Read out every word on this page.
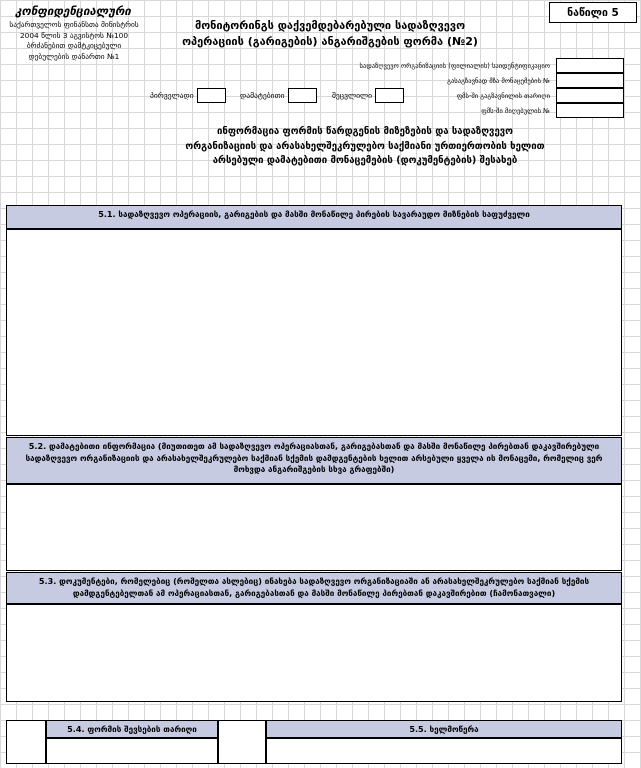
კონფიდენციალური
საქართველოს ფინანსთა მინისტრის 2004 წლის 3 აგვისტოს №100 ბრძანებით დამტკიცებული დებულების დანართი №1
ნაწილი 5
მონიტორინგს დაქვემდებარებული სადაზღვევო
ოპერაციის (გარიგების) ანგარიშგების ფორმა (№2)
სადაზღვევო ორგანიზაციის (ფილიალის) საიდენტიფიკაციო
გასაგზავნად მზა მონაცემების №
ფმს-ში გაგზავნილის თარიღი
ფმს-ში მიღებულის №
პირველადი	დამატებითი	შეცვლილი
ინფორმაცია ფორმის წარდგენის მიზეზების და სადაზღვევო
ორგანიზაციის და არასახელშეკრულებო საქმიანი ურთიერთობის ხელით
არსებული დამატებითი მონაცემების (დოკუმენტების) შესახებ
5.1. სადაზღვევო ოპერაციის, გარიგების და მასში მონაწილე პირების სავარაუდო მიზნების საფუძველი
5.2. დამატებითი ინფორმაცია (მიუთითეთ ამ სადაზღვევო ოპერაციასთან, გარიგებასთან და მასში მონაწილე პირებთან დაკავშირებული სადაზღვევო ორგანიზაციის და არასახელშეკრულებო საქმიან სქემის დამდგენტების ხელით არსებული ყველა ის მონაცემი, რომელიც ვერ მოხვდა ანგარიშგების სხვა გრაფებში)
5.3. დოკუმენტები, რომელებიც (რომელთა ასლებიც) ინახება სადაზღვევო ორგანიზაციაში ან არასახელშეკრულებო საქმიან სქემის დამდგენტებელთან ამ ოპერაციასთან, გარიგებასთან და მასში მონაწილე პირებთან დაკავშირებით (ჩამონათვალი)
5.4. ფორმის შევსების თარიღი	5.5. ხელმოწერა
